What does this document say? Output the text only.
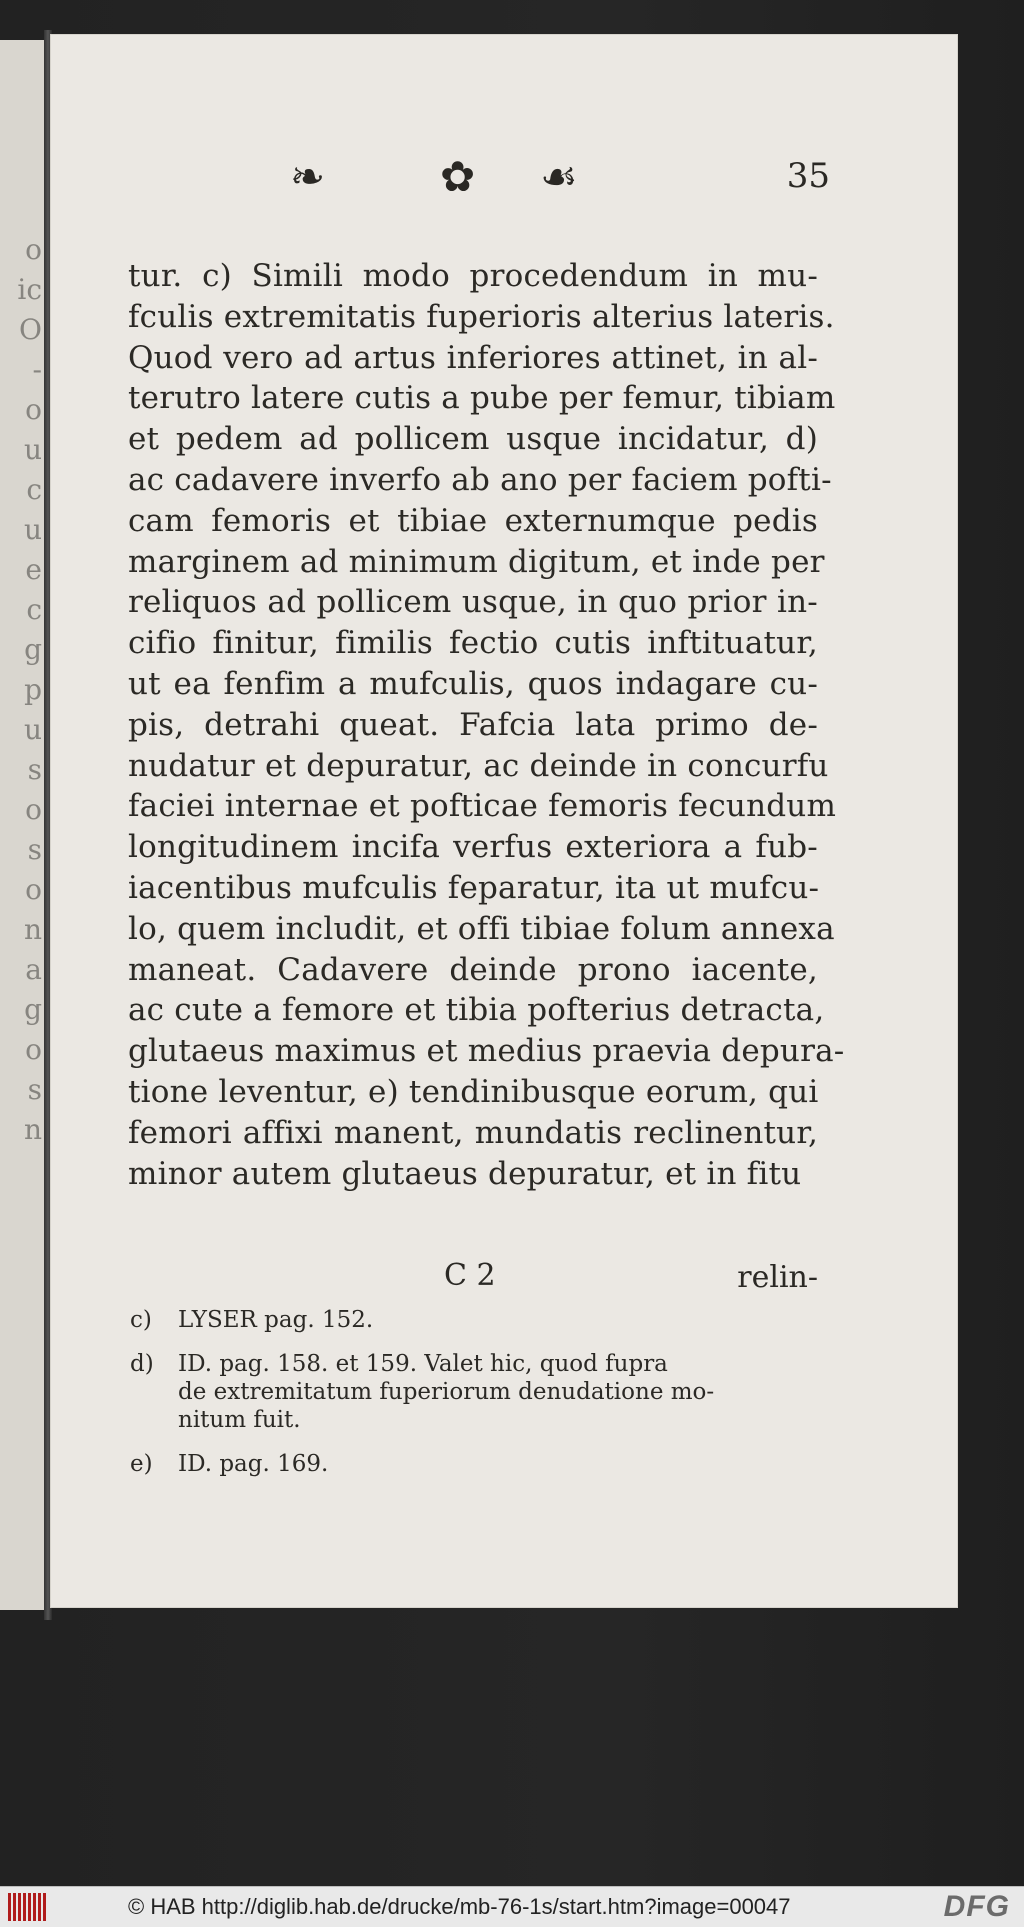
o
ic
O
-
o
u
c
u
e
c
g
p
u
s
o
s
o
n
a
g
o
s
n
❧	✿ ☙	35
tur. c) Simili modo procedendum in mu-
fculis extremitatis fuperioris alterius lateris.
Quod vero ad artus inferiores attinet, in al-
terutro latere cutis a pube per femur, tibiam
et pedem ad pollicem usque incidatur, d)
ac cadavere inverfo ab ano per faciem pofti-
cam femoris et tibiae externumque pedis
marginem ad minimum digitum, et inde per
reliquos ad pollicem usque, in quo prior in-
cifio finitur, fimilis fectio cutis inftituatur,
ut ea fenfim a mufculis, quos indagare cu-
pis, detrahi queat. Fafcia lata primo de-
nudatur et depuratur, ac deinde in concurfu
faciei internae et pofticae femoris fecundum
longitudinem incifa verfus exteriora a fub-
iacentibus mufculis feparatur, ita ut mufcu-
lo, quem includit, et offi tibiae folum annexa
maneat. Cadavere deinde prono iacente,
ac cute a femore et tibia pofterius detracta,
glutaeus maximus et medius praevia depura-
tione leventur, e) tendinibusque eorum, qui
femori affixi manent, mundatis reclinentur,
minor autem glutaeus depuratur, et in fitu
C 2	relin-
c) LYSER pag. 152.
d) ID. pag. 158. et 159. Valet hic, quod fupra
de extremitatum fuperiorum denudatione mo-
nitum fuit.
e) ID. pag. 169.
© HAB http://diglib.hab.de/drucke/mb-76-1s/start.htm?image=00047	DFG
